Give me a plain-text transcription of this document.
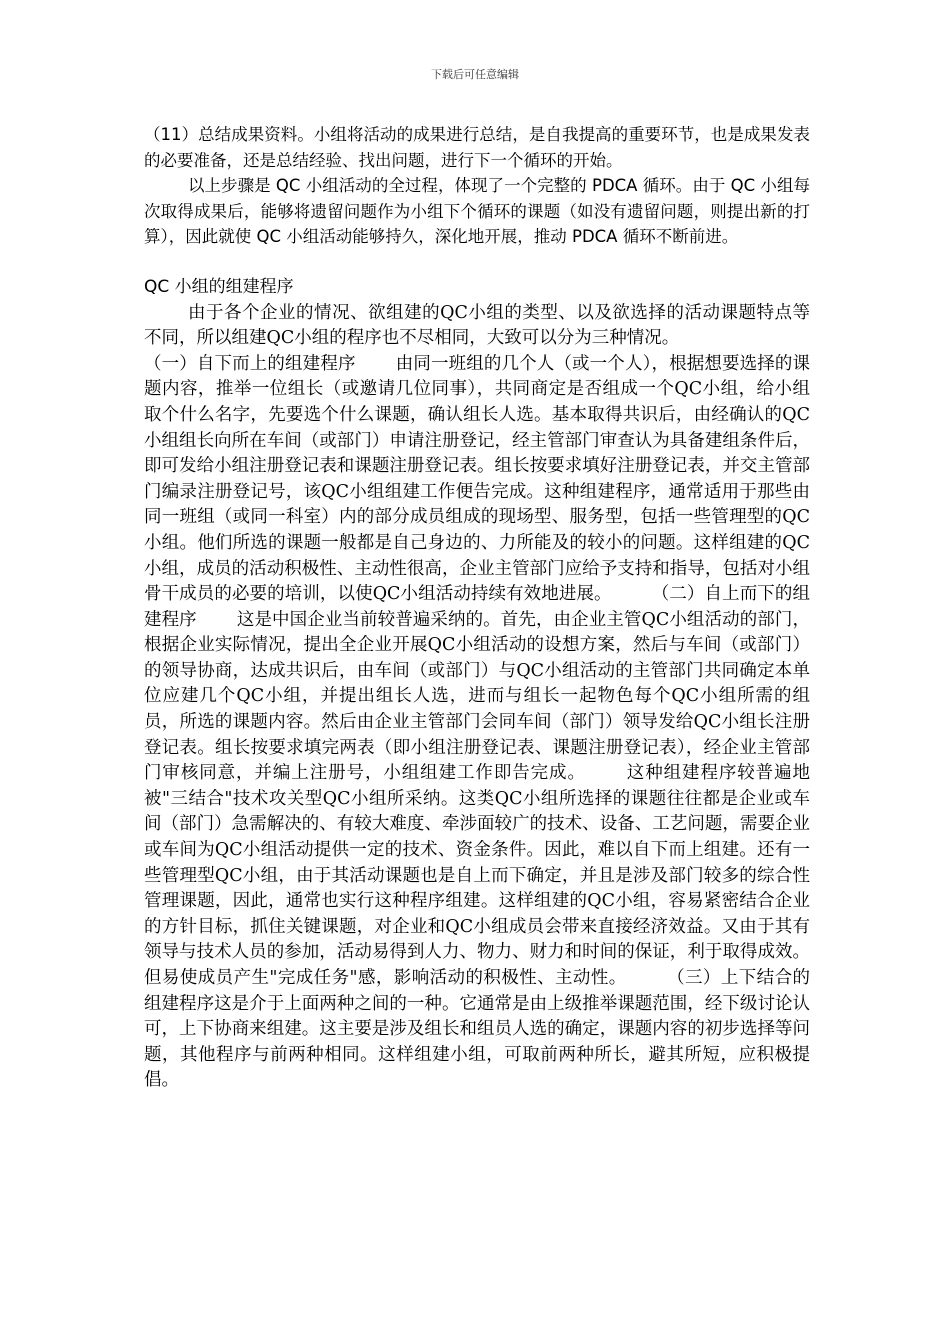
下载后可任意编辑

（11）总结成果资料。小组将活动的成果进行总结，是自我提高的重要环节，也是成果发表的必要准备，还是总结经验、找出问题，进行下一个循环的开始。

以上步骤是 QC 小组活动的全过程，体现了一个完整的 PDCA 循环。由于 QC 小组每次取得成果后，能够将遗留问题作为小组下个循环的课题（如没有遗留问题，则提出新的打算），因此就使 QC 小组活动能够持久，深化地开展，推动 PDCA 循环不断前进。

QC 小组的组建程序

由于各个企业的情况、欲组建的QC小组的类型、以及欲选择的活动课题特点等不同，所以组建QC小组的程序也不尽相同，大致可以分为三种情况。

（一）自下而上的组建程序 由同一班组的几个人（或一个人），根据想要选择的课题内容，推举一位组长（或邀请几位同事），共同商定是否组成一个QC小组，给小组取个什么名字，先要选个什么课题，确认组长人选。基本取得共识后，由经确认的QC小组组长向所在车间（或部门）申请注册登记，经主管部门审查认为具备建组条件后，即可发给小组注册登记表和课题注册登记表。组长按要求填好注册登记表，并交主管部门编录注册登记号，该QC小组组建工作便告完成。这种组建程序，通常适用于那些由同一班组（或同一科室）内的部分成员组成的现场型、服务型，包括一些管理型的QC小组。他们所选的课题一般都是自己身边的、力所能及的较小的问题。这样组建的QC小组，成员的活动积极性、主动性很高，企业主管部门应给予支持和指导，包括对小组骨干成员的必要的培训，以使QC小组活动持续有效地进展。 （二）自上而下的组建程序 这是中国企业当前较普遍采纳的。首先，由企业主管QC小组活动的部门，根据企业实际情况，提出全企业开展QC小组活动的设想方案，然后与车间（或部门）的领导协商，达成共识后，由车间（或部门）与QC小组活动的主管部门共同确定本单位应建几个QC小组，并提出组长人选，进而与组长一起物色每个QC小组所需的组员，所选的课题内容。然后由企业主管部门会同车间（部门）领导发给QC小组长注册登记表。组长按要求填完两表（即小组注册登记表、课题注册登记表），经企业主管部门审核同意，并编上注册号，小组组建工作即告完成。 这种组建程序较普遍地被"三结合"技术攻关型QC小组所采纳。这类QC小组所选择的课题往往都是企业或车间（部门）急需解决的、有较大难度、牵涉面较广的技术、设备、工艺问题，需要企业或车间为QC小组活动提供一定的技术、资金条件。因此，难以自下而上组建。还有一些管理型QC小组，由于其活动课题也是自上而下确定，并且是涉及部门较多的综合性管理课题，因此，通常也实行这种程序组建。这样组建的QC小组，容易紧密结合企业的方针目标，抓住关键课题，对企业和QC小组成员会带来直接经济效益。又由于其有领导与技术人员的参加，活动易得到人力、物力、财力和时间的保证，利于取得成效。但易使成员产生"完成任务"感，影响活动的积极性、主动性。 （三）上下结合的组建程序这是介于上面两种之间的一种。它通常是由上级推举课题范围，经下级讨论认可，上下协商来组建。这主要是涉及组长和组员人选的确定，课题内容的初步选择等问题，其他程序与前两种相同。这样组建小组，可取前两种所长，避其所短，应积极提倡。
